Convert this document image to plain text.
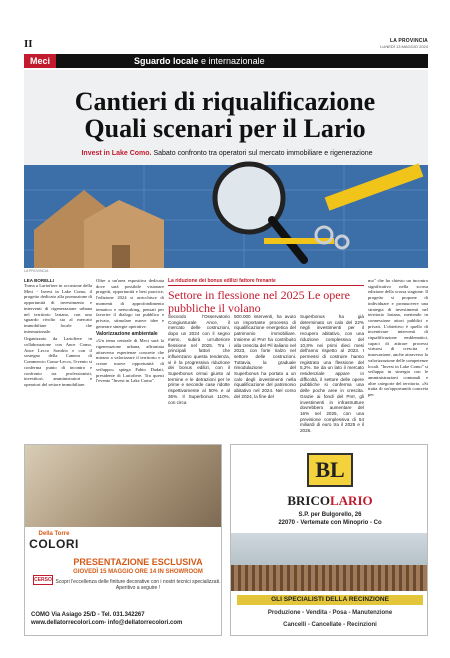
II	LA PROVINCIA
LUNEDÌ 13 MAGGIO 2024
Meci	Sguardo locale e internazionale
Cantieri di riqualificazione
Quali scenari per il Lario
Invest in Lake Como. Sabato confronto tra operatori sul mercato immobiliare e rigenerazione
LA PROVINCIA
LEA BORELLI

Torna a Lariofiere in occasione della Meci - Invest in Lake Como, il progetto dedicato alla promozione di opportunità di investimento e interventi di rigenerazione urbana nel territorio lariano, con uno sguardo rivolto sia al mercato immobiliare locale che internazionale.

Organizzato da Lariofiere in collaborazione con Ance Como, Ance Lecco Sondrio e con il sostegno della Camera di Commercio Como-Lecco, l'evento si conferma punto di incontro e confronto tra professionisti, investitori, amministratori e operatori del settore immobiliare.

Oltre a un'area espositiva dedicata dove sarà possibile visionare progetti, opportunità e best practice, l'edizione 2024 si arricchisce di momenti di approfondimento tematico e networking, pensati per favorire il dialogo tra pubblico e privato, stimolare nuove idee e generare sinergie operative.

Valorizzazione ambientale

«Un tema centrale di Meci sarà la rigenerazione urbana, affrontata attraverso esperienze concrete che mirano a valorizzare il territorio e a creare nuove opportunità di sviluppo» spiega Fabio Dadati, presidente di Lariofiere. Tra questi l'evento "Invest in Lake Como".

La riduzione dei bonus edilizi fattore frenante
Settore in flessione nel 2025 Le opere pubbliche il volano
Secondo l'Osservatorio Congiunturale Ance, il mercato delle costruzioni, dopo un 2024 con il segno meno, subirà un'ulteriore flessione nel 2025. Tra i principali fattori che influenzano questa tendenza, vi è la progressiva riduzione dei bonus edilizi, con il Superbonus ormai giunto al termine e le detrazioni per le prime e seconde case ridotte rispettivamente al 50% e al 36%. Il Superbonus 110%, con circa
500.000 interventi, ha avuto un importante processo di riqualificazione energetica del patrimonio immobiliare. Insieme al Pnrr ha contribuito alla crescita del Pil italiano nel 2023, con forte rialzo nel settore delle costruzioni. Tuttavia, la graduale rimodulazione del Superbonus ha portato a un calo degli investimenti nella riqualificazione del patrimonio abitativo nel 2024. Nel corso del 2024, la fine del
Superbonus ha già determinato un calo del 22% negli investimenti per il recupero abitativo, con una riduzione complessiva del 10,8% nei primi dieci mesi dell'anno rispetto al 2023. I permessi di costruire hanno registrato una flessione del 5,2%. Se da un lato il mercato residenziale appare in difficoltà, il settore delle opere pubbliche si conferma una delle poche aree in crescita. Grazie ai fondi del Pnrr, gli investimenti in infrastrutture dovrebbero aumentare del 16% nel 2025, con una previsione complessiva di 54 miliardi di euro tra il 2025 e il 2026.
mo" che ha chiesto un incontro significativo nella scorsa edizione della scorsa stagione. Il progetto si propone di individuare e promuovere una strategia di investimenti nel territorio lariano, mettendo in connessione attori pubblici e privati. L'obiettivo è quello di incentivare interventi di riqualificazione emblematici, capaci di attirare processi virtuosi di crescita e innovazione, anche attraverso la valorizzazione delle competenze locali. "Invest in Lake Como" si sviluppa in sinergia con le amministrazioni comunali e altre categorie del territorio. «Si tratta di un'opportunità concreta per
Della Torre
COLORI
CERSO
PRESENTAZIONE ESCLUSIVA
GIOVEDÌ 15 MAGGIO ORE 14 IN SHOWROOM
Scopri l'eccellenza delle finiture decorative con i nostri tecnici specializzati. Aperitivo a seguire !
COMO Via Asiago 25/D - Tel. 031.342267
www.dellatorrecolori.com- info@dellatorrecolori.com
BL
BRICOLARIO
S.P. per Bulgorello, 26
22070 - Vertemate con Minoprio - Co
GLI SPECIALISTI DELLA RECINZIONE
Produzione - Vendita - Posa - Manutenzione
Cancelli - Cancellate - Recinzioni
